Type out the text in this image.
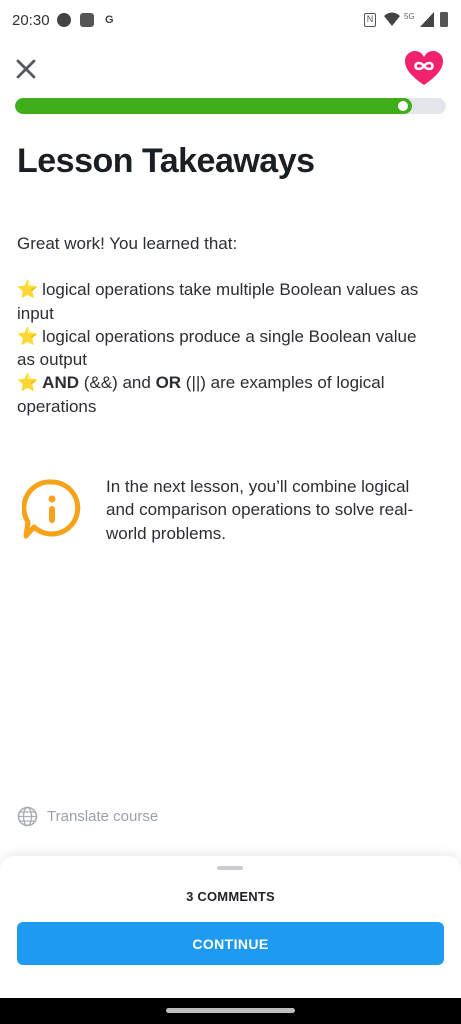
20:30	G	N	5G
Lesson Takeaways

Great work! You learned that:

⭐ logical operations take multiple Boolean values as input

⭐ logical operations produce a single Boolean value as output

⭐ AND (&&) and OR (||) are examples of logical operations

In the next lesson, you’ll combine logical and comparison operations to solve real-world problems.

Translate course
3 COMMENTS
CONTINUE
